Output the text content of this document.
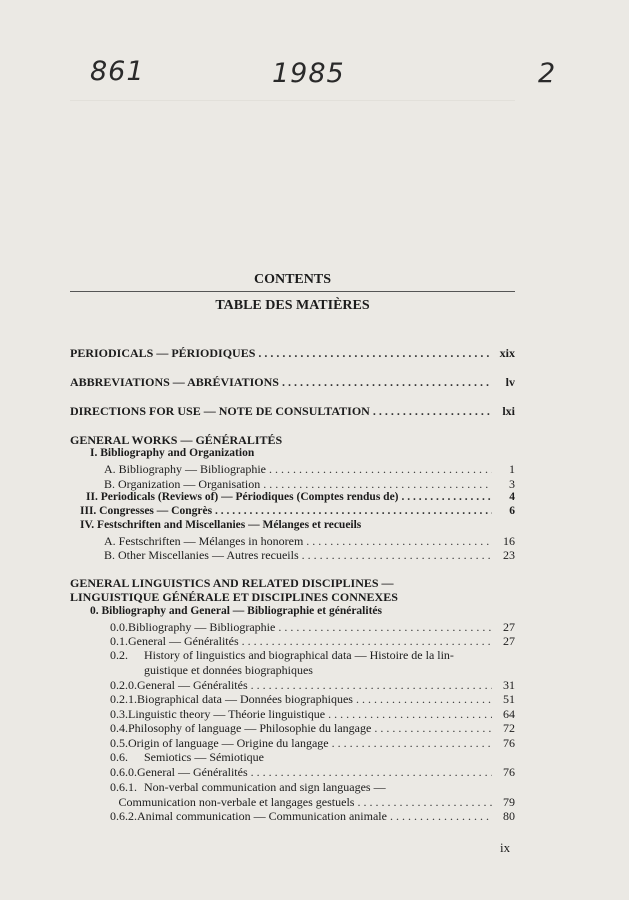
861	1985	2
CONTENTS
TABLE DES MATIÈRES
PERIODICALS — PÉRIODIQUES . . .	xix
ABBREVIATIONS — ABRÉVIATIONS . . .	lv
DIRECTIONS FOR USE — NOTE DE CONSULTATION . . .	lxi
GENERAL WORKS — GÉNÉRALITÉS
I. Bibliography and Organization
A. Bibliography — Bibliographie . . .	1
B. Organization — Organisation . . .	3
II. Periodicals (Reviews of) — Périodiques (Comptes rendus de) . . .	4
III. Congresses — Congrès . . .	6
IV. Festschriften and Miscellanies — Mélanges et recueils
A. Festschriften — Mélanges in honorem . . .	16
B. Other Miscellanies — Autres recueils . . .	23
GENERAL LINGUISTICS AND RELATED DISCIPLINES —
LINGUISTIQUE GÉNÉRALE ET DISCIPLINES CONNEXES
0. Bibliography and General — Bibliographie et généralités
0.0. Bibliography — Bibliographie . . .	27
0.1. General — Généralités . . .	27
0.2.	History of linguistics and biographical data — Histoire de la lin-
guistique et données biographiques
0.2.0. General — Généralités . . .	31
0.2.1. Biographical data — Données biographiques . . .	51
0.3. Linguistic theory — Théorie linguistique . . .	64
0.4. Philosophy of language — Philosophie du langage . . .	72
0.5. Origin of language — Origine du langage . . .	76
0.6.	Semiotics — Sémiotique
0.6.0. General — Généralités . . .	76
0.6.1. Non-verbal communication and sign languages —
Communication non-verbale et langages gestuels . . .	79
0.6.2. Animal communication — Communication animale . . .	80
ix
